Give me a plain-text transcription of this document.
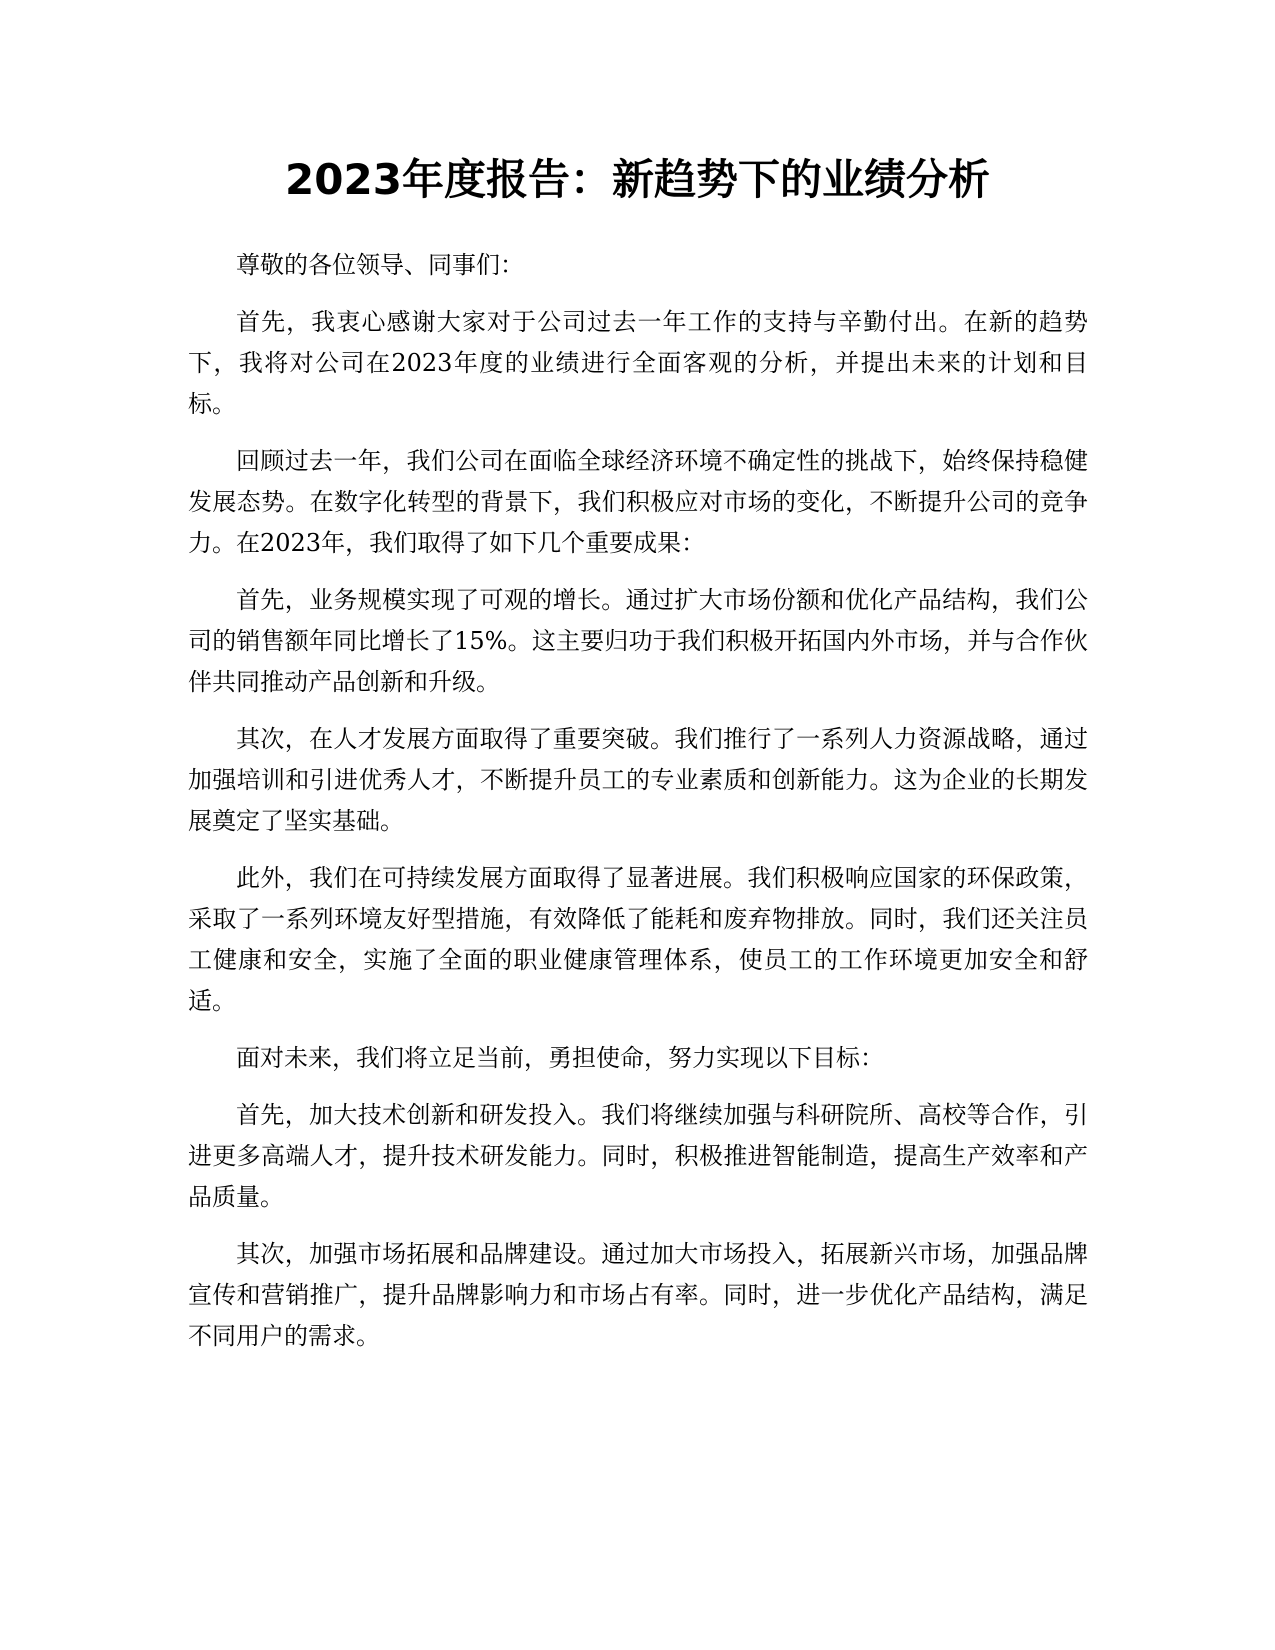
2023年度报告：新趋势下的业绩分析

尊敬的各位领导、同事们：

首先，我衷心感谢大家对于公司过去一年工作的支持与辛勤付出。在新的趋势下，我将对公司在2023年度的业绩进行全面客观的分析，并提出未来的计划和目标。

回顾过去一年，我们公司在面临全球经济环境不确定性的挑战下，始终保持稳健发展态势。在数字化转型的背景下，我们积极应对市场的变化，不断提升公司的竞争力。在2023年，我们取得了如下几个重要成果：

首先，业务规模实现了可观的增长。通过扩大市场份额和优化产品结构，我们公司的销售额年同比增长了15%。这主要归功于我们积极开拓国内外市场，并与合作伙伴共同推动产品创新和升级。

其次，在人才发展方面取得了重要突破。我们推行了一系列人力资源战略，通过加强培训和引进优秀人才，不断提升员工的专业素质和创新能力。这为企业的长期发展奠定了坚实基础。

此外，我们在可持续发展方面取得了显著进展。我们积极响应国家的环保政策，采取了一系列环境友好型措施，有效降低了能耗和废弃物排放。同时，我们还关注员工健康和安全，实施了全面的职业健康管理体系，使员工的工作环境更加安全和舒适。

面对未来，我们将立足当前，勇担使命，努力实现以下目标：

首先，加大技术创新和研发投入。我们将继续加强与科研院所、高校等合作，引进更多高端人才，提升技术研发能力。同时，积极推进智能制造，提高生产效率和产品质量。

其次，加强市场拓展和品牌建设。通过加大市场投入，拓展新兴市场，加强品牌宣传和营销推广，提升品牌影响力和市场占有率。同时，进一步优化产品结构，满足不同用户的需求。
